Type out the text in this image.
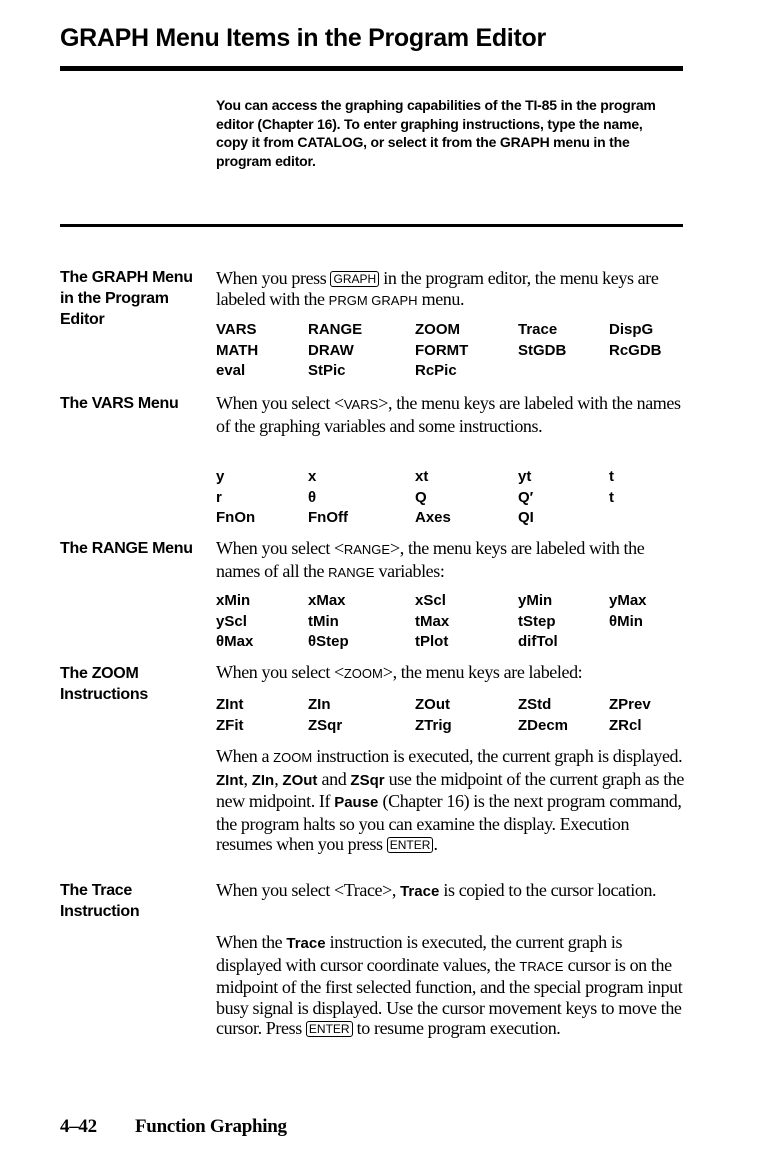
GRAPH Menu Items in the Program Editor
You can access the graphing capabilities of the TI-85 in the program editor (Chapter 16). To enter graphing instructions, type the name, copy it from CATALOG, or select it from the GRAPH menu in the program editor.
The GRAPH Menu in the Program Editor
When you press GRAPH in the program editor, the menu keys are labeled with the PRGM GRAPH menu.
VARS	RANGE	ZOOM	Trace	DispG
MATH	DRAW	FORMT	StGDB	RcGDB
eval	StPic	RcPic
The VARS Menu	When you select <VARS>, the menu keys are labeled with the names of the graphing variables and some instructions.
y	x	xt	yt	t
r	θ	Q	Q′	t
FnOn	FnOff	Axes	QI
The RANGE Menu	When you select <RANGE>, the menu keys are labeled with the names of all the RANGE variables:
xMin	xMax	xScl	yMin	yMax
yScl	tMin	tMax	tStep	θMin
θMax	θStep	tPlot	difTol
The ZOOM Instructions
When you select <ZOOM>, the menu keys are labeled:
ZInt	ZIn	ZOut	ZStd	ZPrev
ZFit	ZSqr	ZTrig	ZDecm	ZRcl
When a ZOOM instruction is executed, the current graph is displayed. ZInt, ZIn, ZOut and ZSqr use the midpoint of the current graph as the new midpoint. If Pause (Chapter 16) is the next program command, the program halts so you can examine the display. Execution resumes when you press ENTER .
The Trace Instruction
When you select <Trace>, Trace is copied to the cursor location.
When the Trace instruction is executed, the current graph is displayed with cursor coordinate values, the TRACE cursor is on the midpoint of the first selected function, and the special program input busy signal is displayed. Use the cursor movement keys to move the cursor. Press ENTER to resume program execution.
4–42 Function Graphing
